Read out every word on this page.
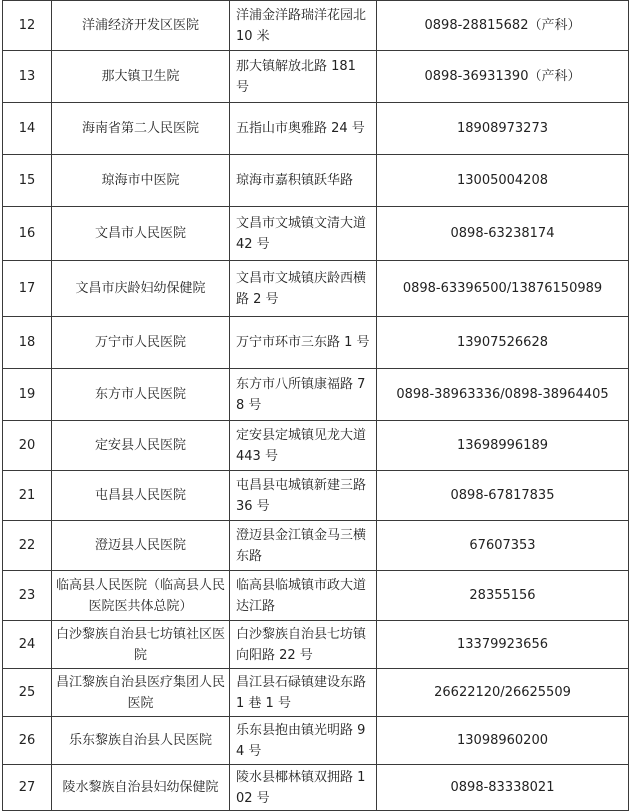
12	洋浦经济开发区医院	洋浦金洋路瑞洋花园北 10 米	0898-28815682（产科）
13	那大镇卫生院	那大镇解放北路 181 号	0898-36931390（产科）
14	海南省第二人民医院	五指山市奥雅路 24 号	18908973273
15	琼海市中医院	琼海市嘉积镇跃华路	13005004208
16	文昌市人民医院	文昌市文城镇文清大道 42 号	0898-63238174
17	文昌市庆龄妇幼保健院	文昌市文城镇庆龄西横路 2 号	0898-63396500/13876150989
18	万宁市人民医院	万宁市环市三东路 1 号	13907526628
19	东方市人民医院	东方市八所镇康福路 78 号	0898-38963336/0898-38964405
20	定安县人民医院	定安县定城镇见龙大道 443 号	13698996189
21	屯昌县人民医院	屯昌县屯城镇新建三路 36 号	0898-67817835
22	澄迈县人民医院	澄迈县金江镇金马三横东路	67607353
23	临高县人民医院（临高县人民医院医共体总院）	临高县临城镇市政大道达江路	28355156
24	白沙黎族自治县七坊镇社区医院	白沙黎族自治县七坊镇向阳路 22 号	13379923656
25	昌江黎族自治县医疗集团人民医院	昌江县石碌镇建设东路 1 巷 1 号	26622120/26625509
26	乐东黎族自治县人民医院	乐东县抱由镇光明路 94 号	13098960200
27	陵水黎族自治县妇幼保健院	陵水县椰林镇双拥路 102 号	0898-83338021
